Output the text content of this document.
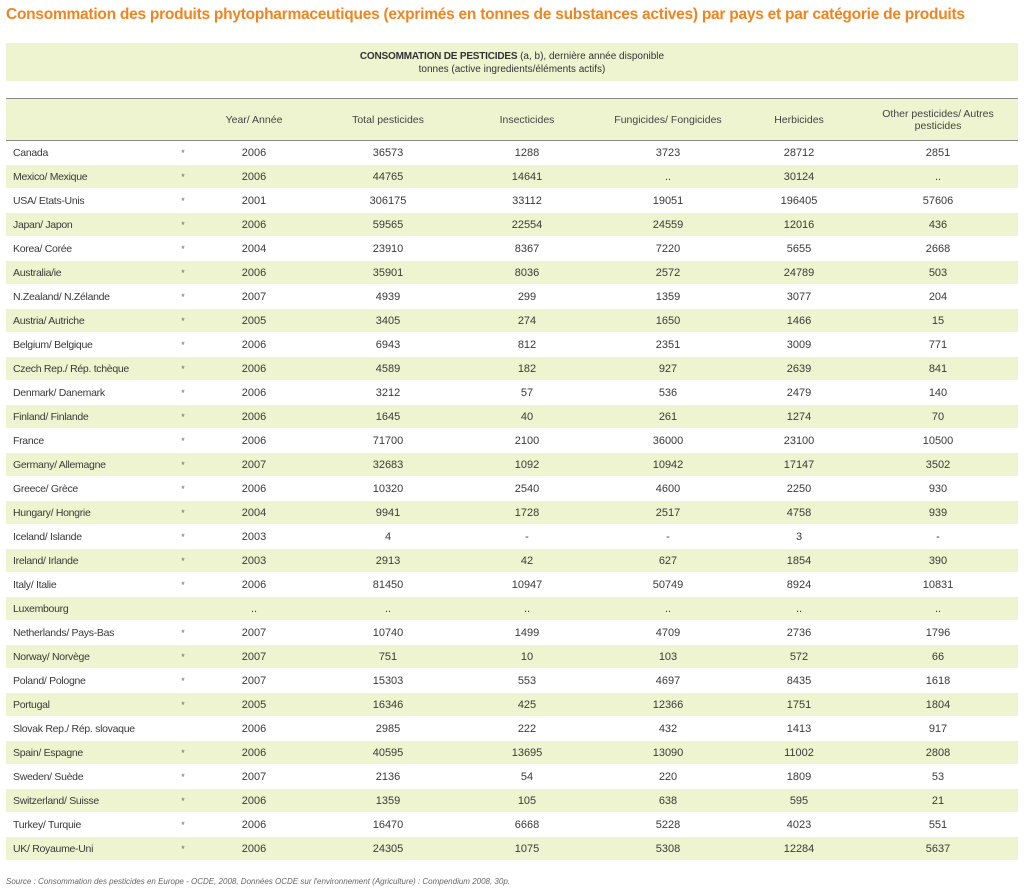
Consommation des produits phytopharmaceutiques (exprimés en tonnes de substances actives) par pays et par catégorie de produits
CONSOMMATION DE PESTICIDES (a, b), dernière année disponible
tonnes (active ingredients/éléments actifs)
		Year/ Année	Total pesticides	Insecticides	Fungicides/ Fongicides	Herbicides	Other pesticides/ Autres pesticides
Canada	*	2006	36573	1288	3723	28712	2851
Mexico/ Mexique	*	2006	44765	14641	..	30124	..
USA/ Etats-Unis	*	2001	306175	33112	19051	196405	57606
Japan/ Japon	*	2006	59565	22554	24559	12016	436
Korea/ Corée	*	2004	23910	8367	7220	5655	2668
Australia/ie	*	2006	35901	8036	2572	24789	503
N.Zealand/ N.Zélande	*	2007	4939	299	1359	3077	204
Austria/ Autriche	*	2005	3405	274	1650	1466	15
Belgium/ Belgique	*	2006	6943	812	2351	3009	771
Czech Rep./ Rép. tchèque	*	2006	4589	182	927	2639	841
Denmark/ Danemark	*	2006	3212	57	536	2479	140
Finland/ Finlande	*	2006	1645	40	261	1274	70
France	*	2006	71700	2100	36000	23100	10500
Germany/ Allemagne	*	2007	32683	1092	10942	17147	3502
Greece/ Grèce	*	2006	10320	2540	4600	2250	930
Hungary/ Hongrie	*	2004	9941	1728	2517	4758	939
Iceland/ Islande	*	2003	4	-	-	3	-
Ireland/ Irlande	*	2003	2913	42	627	1854	390
Italy/ Italie	*	2006	81450	10947	50749	8924	10831
Luxembourg		..	..	..	..	..	..
Netherlands/ Pays-Bas	*	2007	10740	1499	4709	2736	1796
Norway/ Norvège	*	2007	751	10	103	572	66
Poland/ Pologne	*	2007	15303	553	4697	8435	1618
Portugal	*	2005	16346	425	12366	1751	1804
Slovak Rep./ Rép. slovaque		2006	2985	222	432	1413	917
Spain/ Espagne	*	2006	40595	13695	13090	11002	2808
Sweden/ Suède	*	2007	2136	54	220	1809	53
Switzerland/ Suisse	*	2006	1359	105	638	595	21
Turkey/ Turquie	*	2006	16470	6668	5228	4023	551
UK/ Royaume-Uni	*	2006	24305	1075	5308	12284	5637
Source : Consommation des pesticides en Europe - OCDE, 2008, Données OCDE sur l'environnement (Agriculture) : Compendium 2008, 30p.
